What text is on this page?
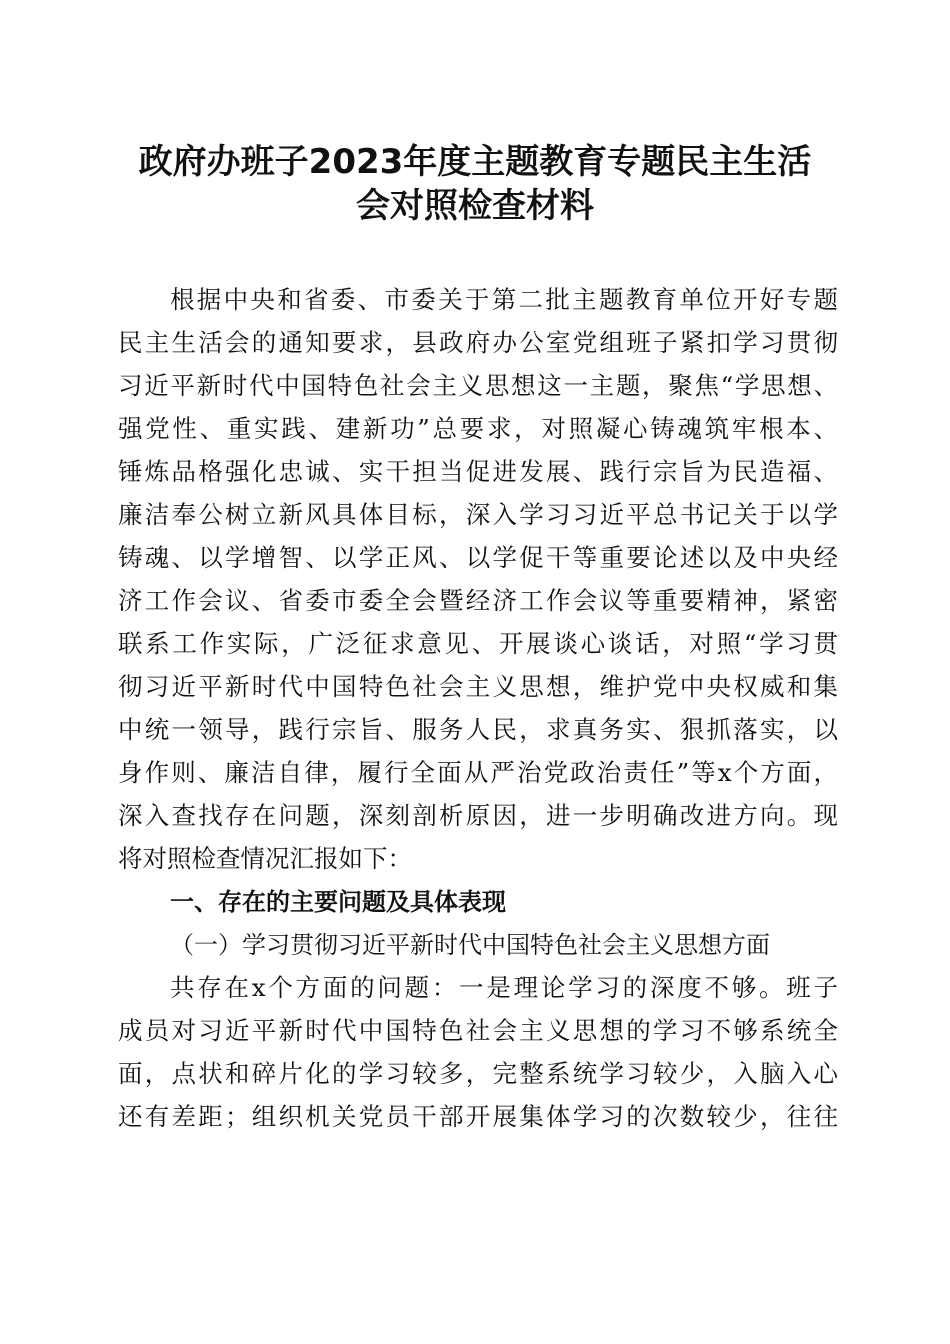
政府办班子2023年度主题教育专题民主生活
会对照检查材料
根据中央和省委、市委关于第二批主题教育单位开好专题
民主生活会的通知要求，县政府办公室党组班子紧扣学习贯彻
习近平新时代中国特色社会主义思想这一主题，聚焦“学思想、
强党性、重实践、建新功”总要求，对照凝心铸魂筑牢根本、
锤炼品格强化忠诚、实干担当促进发展、践行宗旨为民造福、
廉洁奉公树立新风具体目标，深入学习习近平总书记关于以学
铸魂、以学增智、以学正风、以学促干等重要论述以及中央经
济工作会议、省委市委全会暨经济工作会议等重要精神，紧密
联系工作实际，广泛征求意见、开展谈心谈话，对照“学习贯
彻习近平新时代中国特色社会主义思想，维护党中央权威和集
中统一领导，践行宗旨、服务人民，求真务实、狠抓落实，以
身作则、廉洁自律，履行全面从严治党政治责任”等x个方面，
深入查找存在问题，深刻剖析原因，进一步明确改进方向。现
将对照检查情况汇报如下：
一、存在的主要问题及具体表现
（一）学习贯彻习近平新时代中国特色社会主义思想方面
共存在x个方面的问题：一是理论学习的深度不够。班子
成员对习近平新时代中国特色社会主义思想的学习不够系统全
面，点状和碎片化的学习较多，完整系统学习较少，入脑入心
还有差距；组织机关党员干部开展集体学习的次数较少，往往
